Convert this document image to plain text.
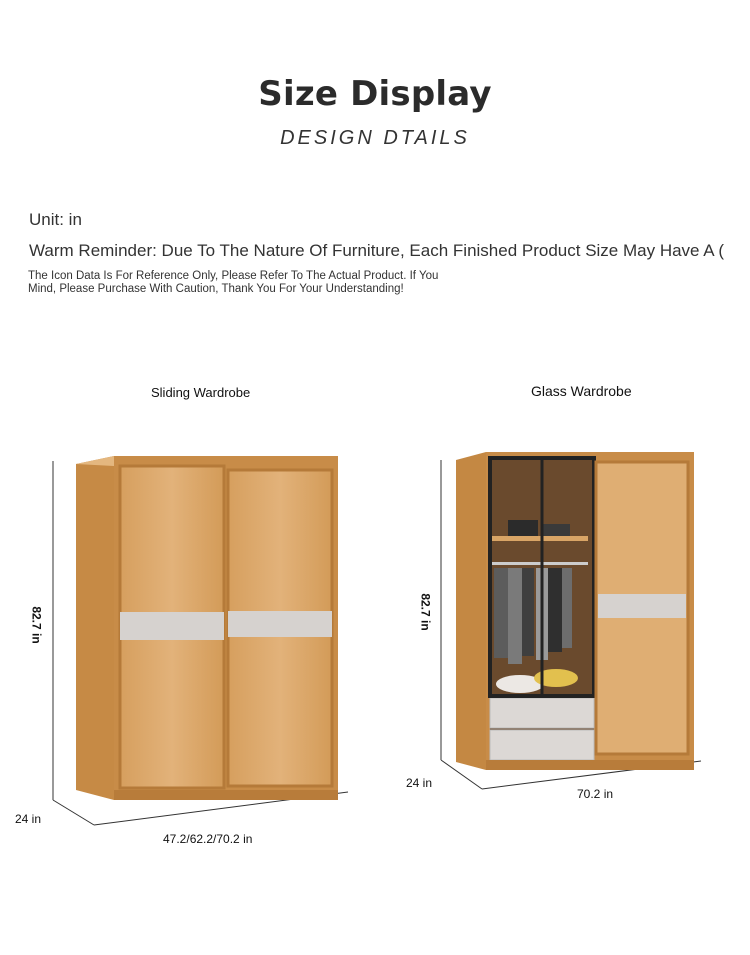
Size Display
DESIGN DTAILS
Unit: in
Warm Reminder: Due To The Nature Of Furniture, Each Finished Product Size May Have A (
The Icon Data Is For Reference Only, Please Refer To The Actual Product. If You Mind, Please Purchase With Caution, Thank You For Your Understanding!
Sliding Wardrobe
82.7 in
24 in
47.2/62.2/70.2 in
Glass Wardrobe
82.7 in
24 in
70.2 in
